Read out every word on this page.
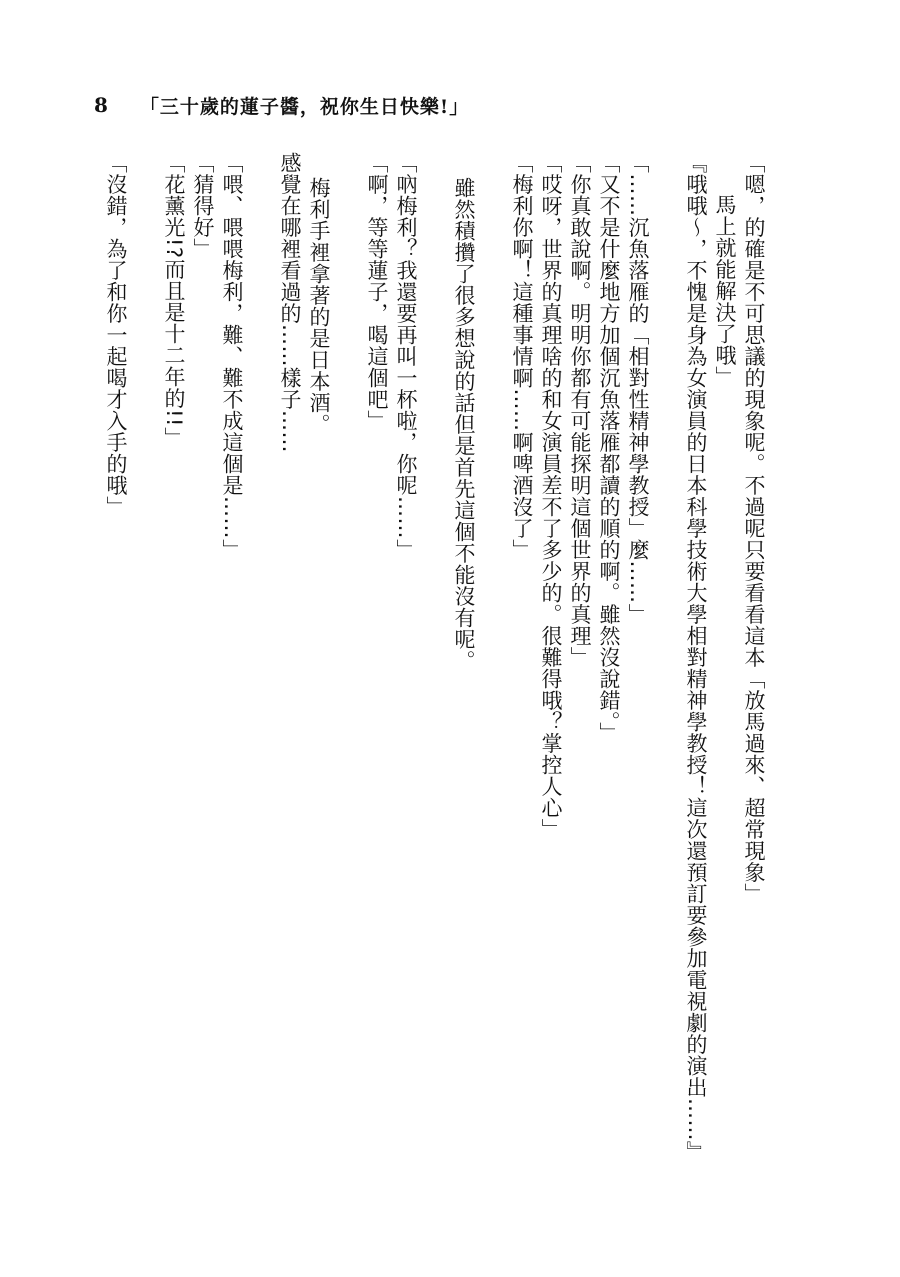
8 「三十歲的蓮子醬，祝你生日快樂!」
「嗯，的確是不可思議的現象呢。不過呢只要看看這本「放馬過來、超常現象」
馬上就能解決了哦」
『哦哦～，不愧是身為女演員的日本科學技術大學相對精神學教授！這次還預訂要參加電視劇的演出……』
「……沉魚落雁的「相對性精神學教授」麼……」
「又不是什麼地方加個沉魚落雁都讀的順的啊。雖然沒說錯。」
「你真敢說啊。明明你都有可能探明這個世界的真理」
「哎呀，世界的真理啥的和女演員差不了多少的。很難得哦？掌控人心」
「梅利你啊！這種事情啊……啊啤酒沒了」
雖然積攢了很多想說的話但是首先這個不能沒有呢。
「吶梅利？我還要再叫一杯啦，你呢……」
「啊，等等蓮子，喝這個吧」
梅利手裡拿著的是日本酒。
感覺在哪裡看過的……樣子……
「喂、喂喂梅利，難、難不成這個是……」
「猜得好」
「花薰光!?而且是十二年的!!」
「沒錯，為了和你一起喝才入手的哦」
